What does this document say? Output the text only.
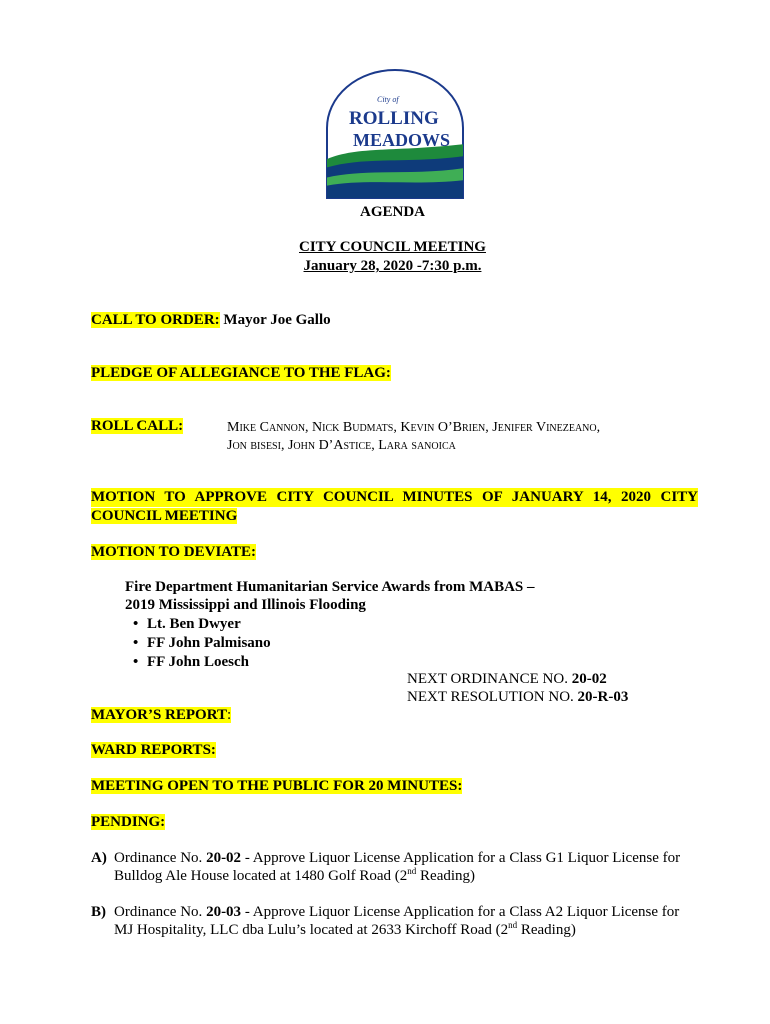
City of
ROLLING
MEADOWS
AGENDA
CITY COUNCIL MEETING
January 28, 2020 -7:30 p.m.
CALL TO ORDER: Mayor Joe Gallo
PLEDGE OF ALLEGIANCE TO THE FLAG:
ROLL CALL:	Mike Cannon, Nick Budmats, Kevin O’Brien, Jenifer Vinezeano,
Jon bisesi, John D’Astice, Lara sanoica
MOTION TO APPROVE CITY COUNCIL MINUTES OF JANUARY 14, 2020 CITY
COUNCIL MEETING
MOTION TO DEVIATE:
Fire Department Humanitarian Service Awards from MABAS –
2019 Mississippi and Illinois Flooding
• Lt. Ben Dwyer
• FF John Palmisano
• FF John Loesch
NEXT ORDINANCE NO. 20-02
NEXT RESOLUTION NO. 20-R-03
MAYOR’S REPORT:
WARD REPORTS:
MEETING OPEN TO THE PUBLIC FOR 20 MINUTES:
PENDING:
A) Ordinance No. 20-02 - Approve Liquor License Application for a Class G1 Liquor License for
Bulldog Ale House located at 1480 Golf Road (2nd Reading)
B) Ordinance No. 20-03 - Approve Liquor License Application for a Class A2 Liquor License for
MJ Hospitality, LLC dba Lulu’s located at 2633 Kirchoff Road (2nd Reading)
